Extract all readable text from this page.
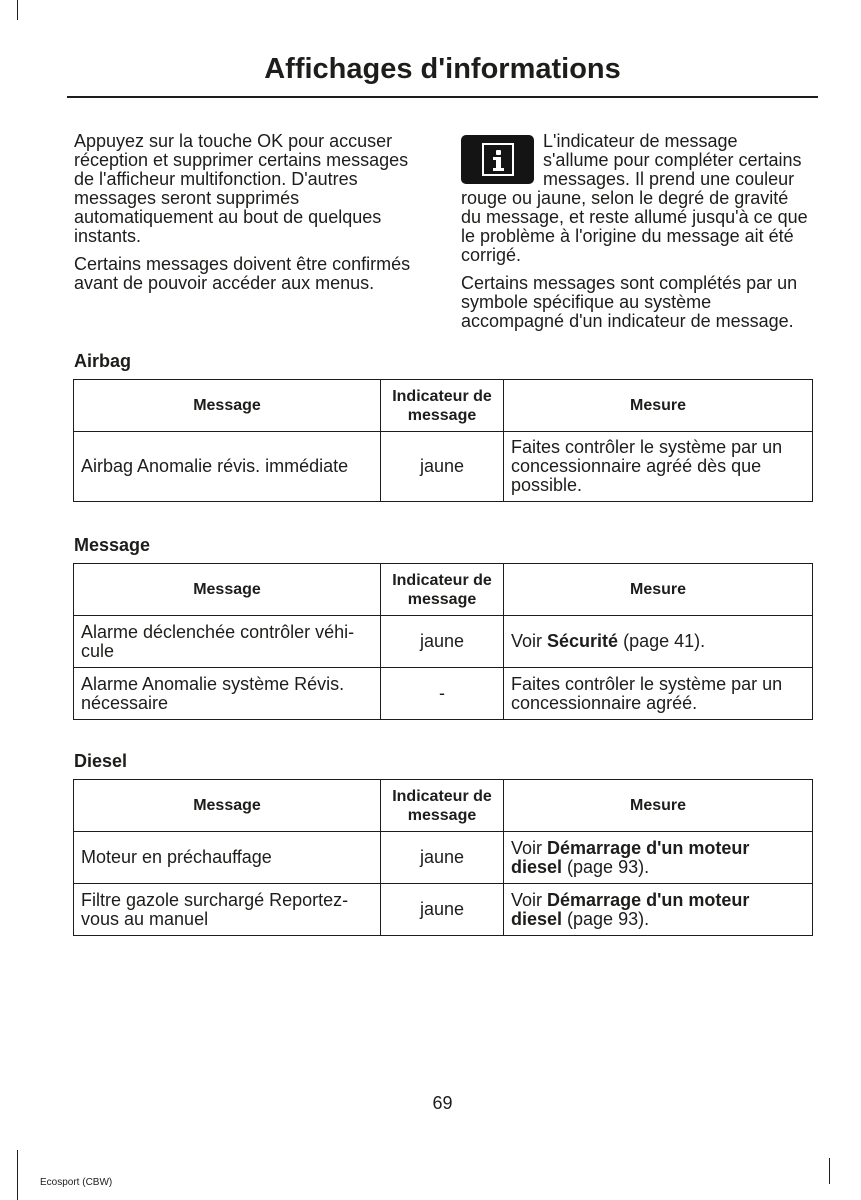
Affichages d'informations
Appuyez sur la touche OK pour accuser
réception et supprimer certains messages
de l'afficheur multifonction. D'autres
messages seront supprimés
automatiquement au bout de quelques
instants.
Certains messages doivent être confirmés
avant de pouvoir accéder aux menus.
L'indicateur de message
s'allume pour compléter certains
messages. Il prend une couleur
rouge ou jaune, selon le degré de gravité
du message, et reste allumé jusqu'à ce que
le problème à l'origine du message ait été
corrigé.
Certains messages sont complétés par un
symbole spécifique au système
accompagné d'un indicateur de message.
Airbag
Message	Indicateur de
message	Mesure

Airbag Anomalie révis. immédiate	jaune	Faites contrôler le système par un
concessionnaire agréé dès que
possible.
Message
Message	Indicateur de
message	Mesure

Alarme déclenchée contrôler véhi-
cule	jaune	Voir Sécurité (page 41).

Alarme Anomalie système Révis.
nécessaire	-	Faites contrôler le système par un
concessionnaire agréé.
Diesel
Message	Indicateur de
message	Mesure

Moteur en préchauffage	jaune	Voir Démarrage d'un moteur
diesel (page 93).

Filtre gazole surchargé Reportez-
vous au manuel	jaune	Voir Démarrage d'un moteur
diesel (page 93).
69
Ecosport (CBW)
